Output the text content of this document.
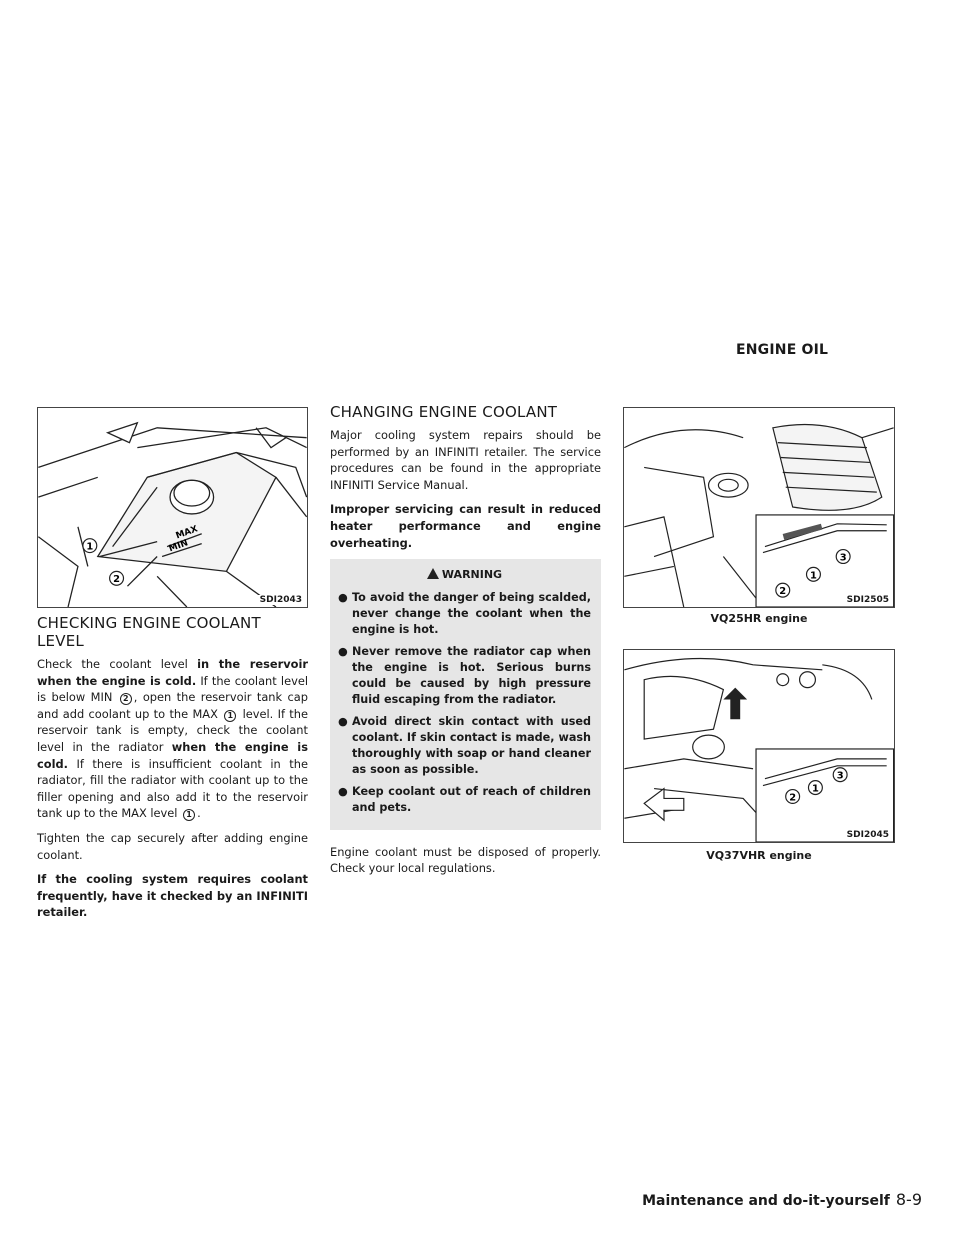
ENGINE OIL
MAX
MIN
1
2
SDI2043
1
2
3
SDI2505
VQ25HR engine
1
2
3
SDI2045
VQ37VHR engine
CHECKING ENGINE COOLANT LEVEL

Check the coolant level in the reservoir when the engine is cold. If the coolant level is below MIN 2 , open the reservoir tank cap and add coolant up to the MAX 1 level. If the reservoir tank is empty, check the coolant level in the radiator when the engine is cold. If there is insufficient coolant in the radiator, fill the radiator with coolant up to the filler opening and also add it to the reservoir tank up to the MAX level 1 .

Tighten the cap securely after adding engine coolant.

If the cooling system requires coolant frequently, have it checked by an INFINITI retailer.

CHANGING ENGINE COOLANT

Major cooling system repairs should be performed by an INFINITI retailer. The service procedures can be found in the appropriate INFINITI Service Manual.

Improper servicing can result in reduced heater performance and engine overheating.

WARNING
● To avoid the danger of being scalded, never change the coolant when the engine is hot.
● Never remove the radiator cap when the engine is hot. Serious burns could be caused by high pressure fluid escaping from the radiator.
● Avoid direct skin contact with used coolant. If skin contact is made, wash thoroughly with soap or hand cleaner as soon as possible.
● Keep coolant out of reach of children and pets.

Engine coolant must be disposed of properly. Check your local regulations.

Maintenance and do-it-yourself 8-9
